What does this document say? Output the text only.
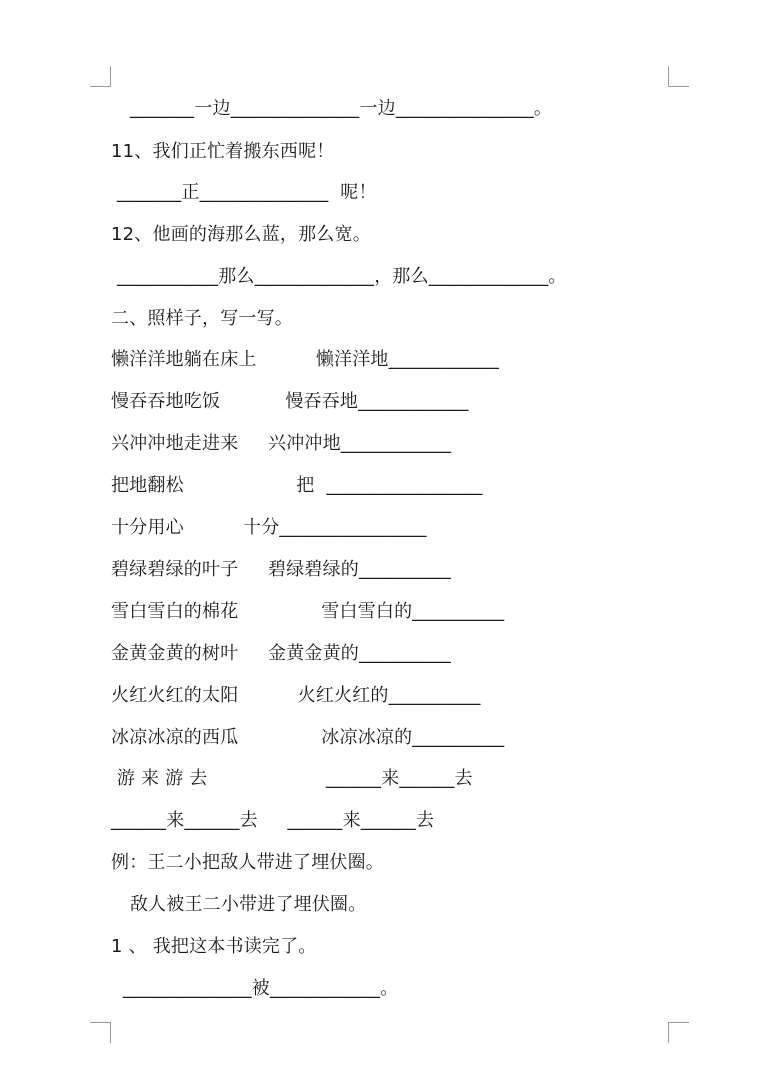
_______一边______________一边_______________。
11、我们正忙着搬东西呢！
_______正______________  呢！
12、他画的海那么蓝，那么宽。
___________那么_____________，那么_____________。
二、照样子，写一写。
懒洋洋地躺在床上          懒洋洋地____________
慢吞吞地吃饭           慢吞吞地____________
兴冲冲地走进来     兴冲冲地____________
把地翻松                   把  _________________
十分用心          十分________________
碧绿碧绿的叶子     碧绿碧绿的__________
雪白雪白的棉花              雪白雪白的__________
金黄金黄的树叶     金黄金黄的__________
火红火红的太阳          火红火红的__________
冰凉冰凉的西瓜              冰凉冰凉的__________
游 来 游 去                    ______来______去
______来______去     ______来______去
例：王二小把敌人带进了埋伏圈。
敌人被王二小带进了埋伏圈。
1 、 我把这本书读完了。
______________被____________。
